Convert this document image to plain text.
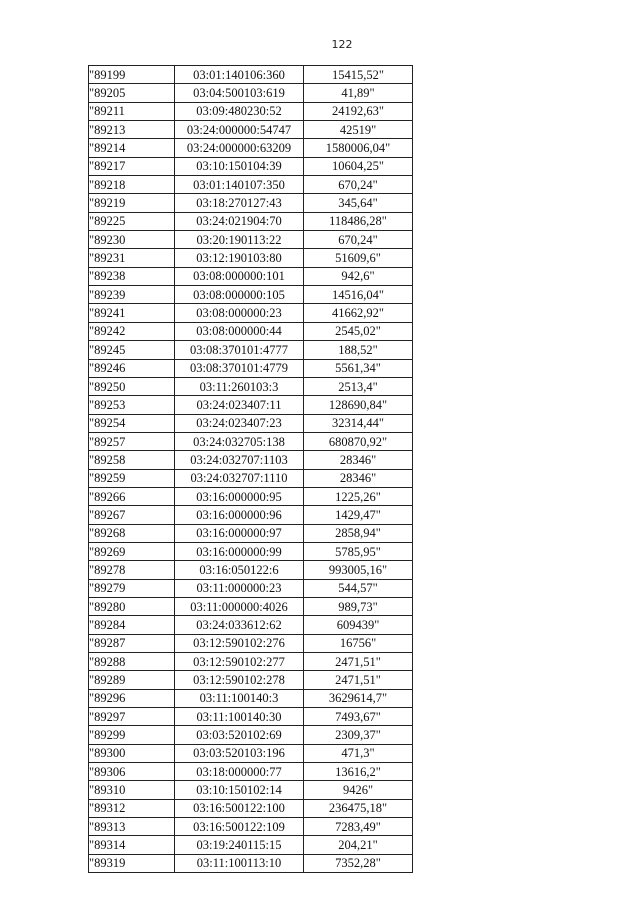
122
"89199	03:01:140106:360	15415,52"
"89205	03:04:500103:619	41,89"
"89211	03:09:480230:52	24192,63"
"89213	03:24:000000:54747	42519"
"89214	03:24:000000:63209	1580006,04"
"89217	03:10:150104:39	10604,25"
"89218	03:01:140107:350	670,24"
"89219	03:18:270127:43	345,64"
"89225	03:24:021904:70	118486,28"
"89230	03:20:190113:22	670,24"
"89231	03:12:190103:80	51609,6"
"89238	03:08:000000:101	942,6"
"89239	03:08:000000:105	14516,04"
"89241	03:08:000000:23	41662,92"
"89242	03:08:000000:44	2545,02"
"89245	03:08:370101:4777	188,52"
"89246	03:08:370101:4779	5561,34"
"89250	03:11:260103:3	2513,4"
"89253	03:24:023407:11	128690,84"
"89254	03:24:023407:23	32314,44"
"89257	03:24:032705:138	680870,92"
"89258	03:24:032707:1103	28346"
"89259	03:24:032707:1110	28346"
"89266	03:16:000000:95	1225,26"
"89267	03:16:000000:96	1429,47"
"89268	03:16:000000:97	2858,94"
"89269	03:16:000000:99	5785,95"
"89278	03:16:050122:6	993005,16"
"89279	03:11:000000:23	544,57"
"89280	03:11:000000:4026	989,73"
"89284	03:24:033612:62	609439"
"89287	03:12:590102:276	16756"
"89288	03:12:590102:277	2471,51"
"89289	03:12:590102:278	2471,51"
"89296	03:11:100140:3	3629614,7"
"89297	03:11:100140:30	7493,67"
"89299	03:03:520102:69	2309,37"
"89300	03:03:520103:196	471,3"
"89306	03:18:000000:77	13616,2"
"89310	03:10:150102:14	9426"
"89312	03:16:500122:100	236475,18"
"89313	03:16:500122:109	7283,49"
"89314	03:19:240115:15	204,21"
"89319	03:11:100113:10	7352,28"
